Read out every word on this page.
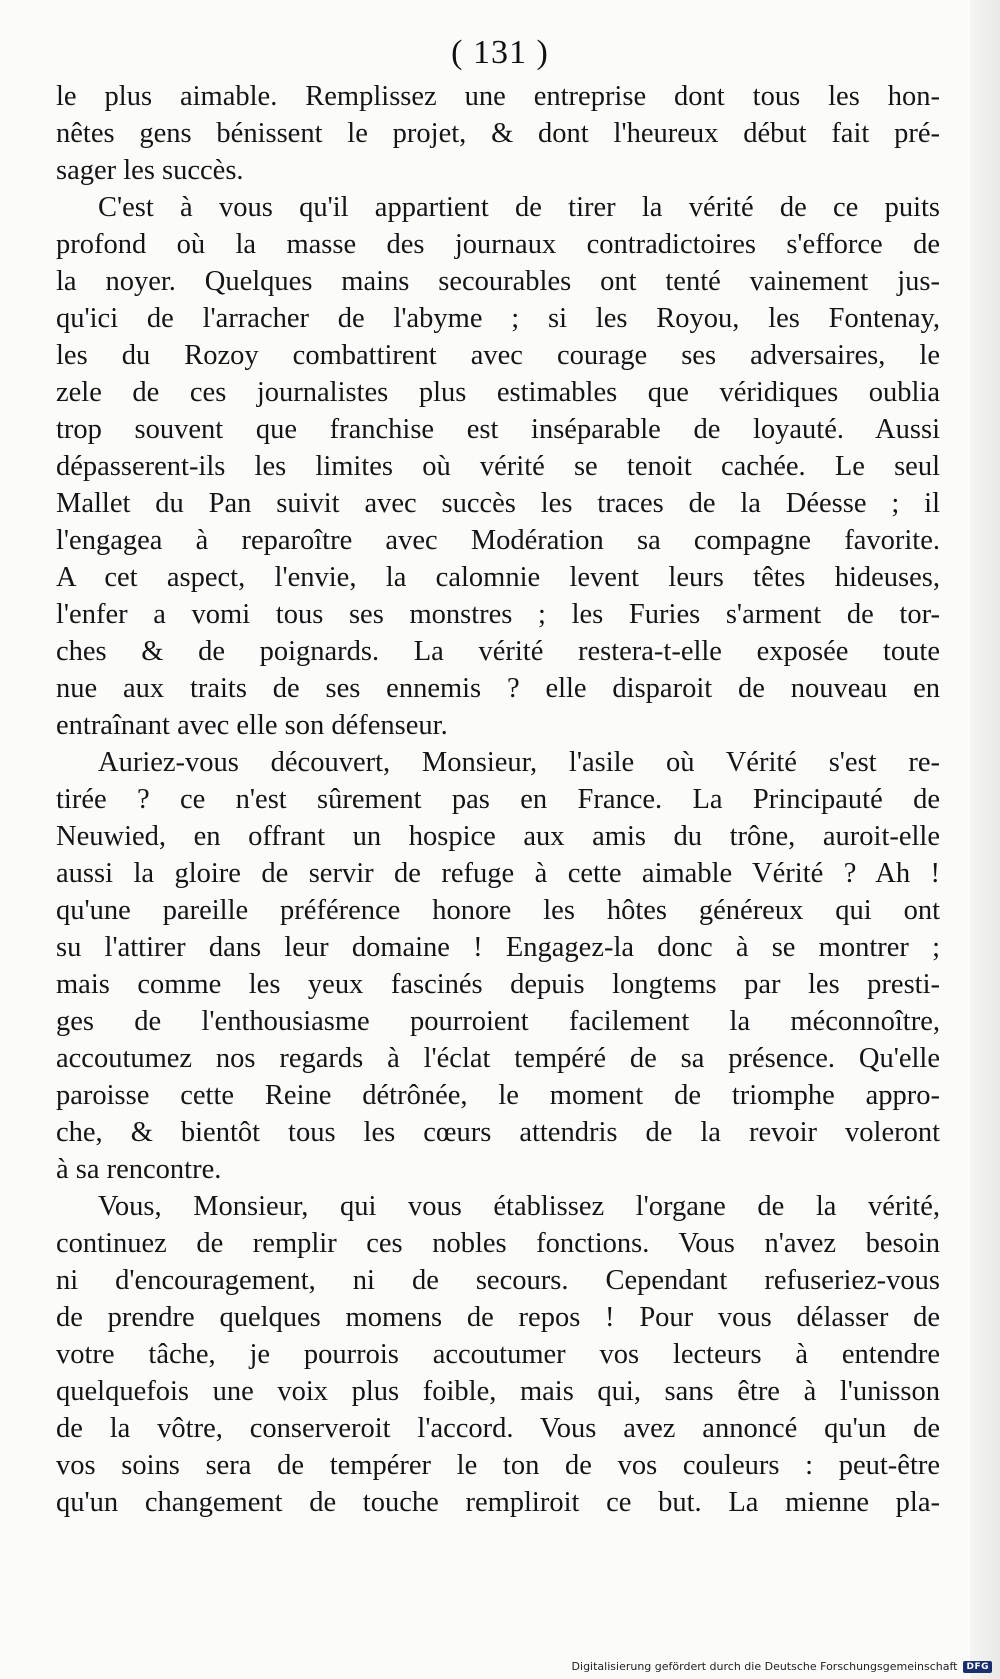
( 131 )
le plus aimable. Remplissez une entreprise dont tous les hon-
nêtes gens bénissent le projet, & dont l'heureux début fait pré-
sager les succès.
C'est à vous qu'il appartient de tirer la vérité de ce puits
profond où la masse des journaux contradictoires s'efforce de
la noyer. Quelques mains secourables ont tenté vainement jus-
qu'ici de l'arracher de l'abyme ; si les Royou, les Fontenay,
les du Rozoy combattirent avec courage ses adversaires, le
zele de ces journalistes plus estimables que véridiques oublia
trop souvent que franchise est inséparable de loyauté. Aussi
dépasserent-ils les limites où vérité se tenoit cachée. Le seul
Mallet du Pan suivit avec succès les traces de la Déesse ; il
l'engagea à reparoître avec Modération sa compagne favorite.
A cet aspect, l'envie, la calomnie levent leurs têtes hideuses,
l'enfer a vomi tous ses monstres ; les Furies s'arment de tor-
ches & de poignards. La vérité restera-t-elle exposée toute
nue aux traits de ses ennemis ? elle disparoit de nouveau en
entraînant avec elle son défenseur.
Auriez-vous découvert, Monsieur, l'asile où Vérité s'est re-
tirée ? ce n'est sûrement pas en France. La Principauté de
Neuwied, en offrant un hospice aux amis du trône, auroit-elle
aussi la gloire de servir de refuge à cette aimable Vérité ? Ah !
qu'une pareille préférence honore les hôtes généreux qui ont
su l'attirer dans leur domaine ! Engagez-la donc à se montrer ;
mais comme les yeux fascinés depuis longtems par les presti-
ges de l'enthousiasme pourroient facilement la méconnoître,
accoutumez nos regards à l'éclat tempéré de sa présence. Qu'elle
paroisse cette Reine détrônée, le moment de triomphe appro-
che, & bientôt tous les cœurs attendris de la revoir voleront
à sa rencontre.
Vous, Monsieur, qui vous établissez l'organe de la vérité,
continuez de remplir ces nobles fonctions. Vous n'avez besoin
ni d'encouragement, ni de secours. Cependant refuseriez-vous
de prendre quelques momens de repos ! Pour vous délasser de
votre tâche, je pourrois accoutumer vos lecteurs à entendre
quelquefois une voix plus foible, mais qui, sans être à l'unisson
de la vôtre, conserveroit l'accord. Vous avez annoncé qu'un de
vos soins sera de tempérer le ton de vos couleurs : peut-être
qu'un changement de touche rempliroit ce but. La mienne pla-
Digitalisierung gefördert durch die Deutsche Forschungsgemeinschaft	DFG
